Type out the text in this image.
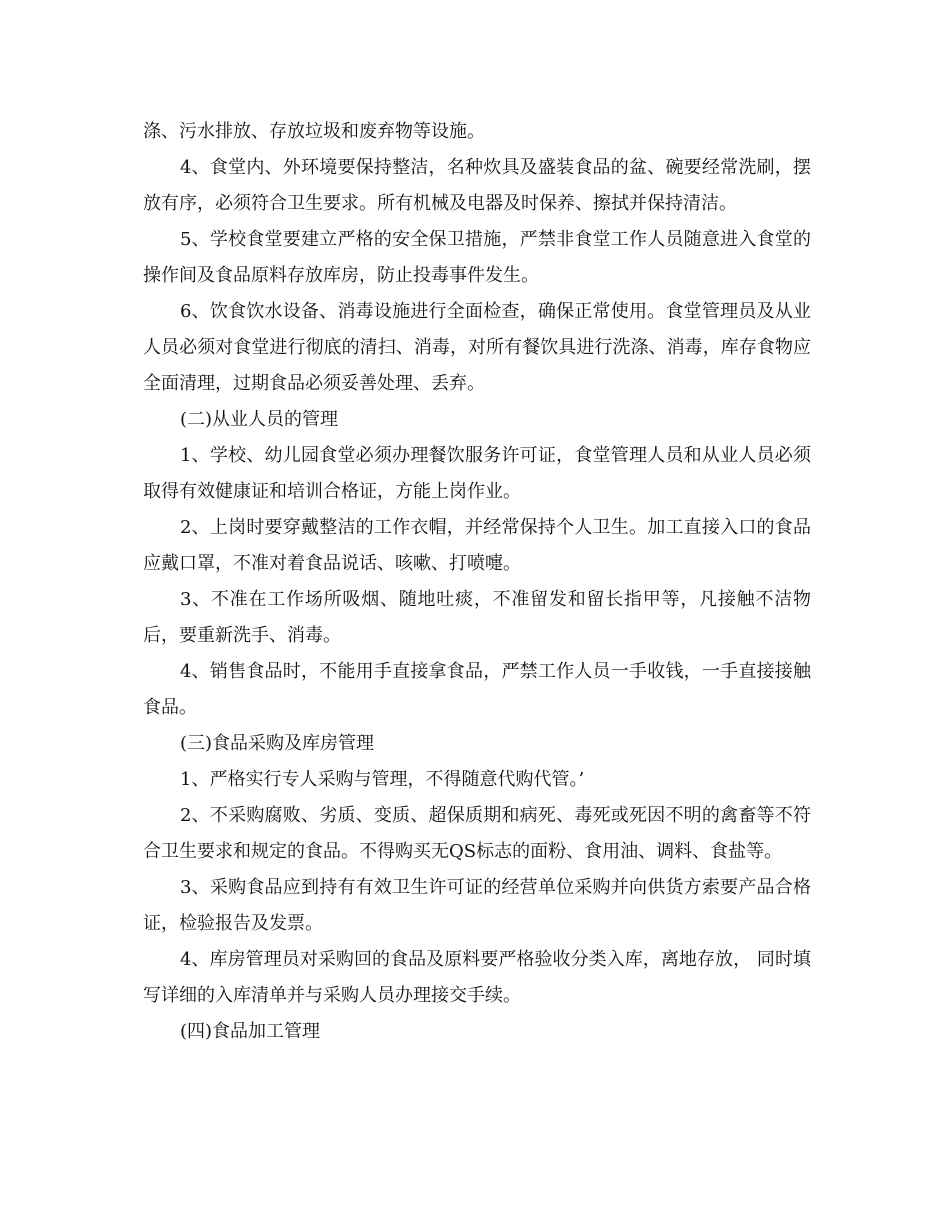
涤、污水排放、存放垃圾和废弃物等设施。

4、食堂内、外环境要保持整洁，名种炊具及盛装食品的盆、碗要经常洗刷，摆放有序，必须符合卫生要求。所有机械及电器及时保养、擦拭并保持清洁。

5、学校食堂要建立严格的安全保卫措施，严禁非食堂工作人员随意进入食堂的操作间及食品原料存放库房，防止投毒事件发生。

6、饮食饮水设备、消毒设施进行全面检查，确保正常使用。食堂管理员及从业人员必须对食堂进行彻底的清扫、消毒，对所有餐饮具进行洗涤、消毒，库存食物应全面清理，过期食品必须妥善处理、丢弃。

(二)从业人员的管理

1、学校、幼儿园食堂必须办理餐饮服务许可证，食堂管理人员和从业人员必须取得有效健康证和培训合格证，方能上岗作业。

2、上岗时要穿戴整洁的工作衣帽，并经常保持个人卫生。加工直接入口的食品应戴口罩，不准对着食品说话、咳嗽、打喷嚏。

3、不准在工作场所吸烟、随地吐痰，不准留发和留长指甲等，凡接触不洁物后，要重新洗手、消毒。

4、销售食品时，不能用手直接拿食品，严禁工作人员一手收钱，一手直接接触食品。

(三)食品采购及库房管理

1、严格实行专人采购与管理，不得随意代购代管。’

2、不采购腐败、劣质、变质、超保质期和病死、毒死或死因不明的禽畜等不符合卫生要求和规定的食品。不得购买无QS标志的面粉、食用油、调料、食盐等。

3、采购食品应到持有有效卫生许可证的经营单位采购并向供货方索要产品合格证，检验报告及发票。

4、库房管理员对采购回的食品及原料要严格验收分类入库，离地存放， 同时填写详细的入库清单并与采购人员办理接交手续。

(四)食品加工管理
